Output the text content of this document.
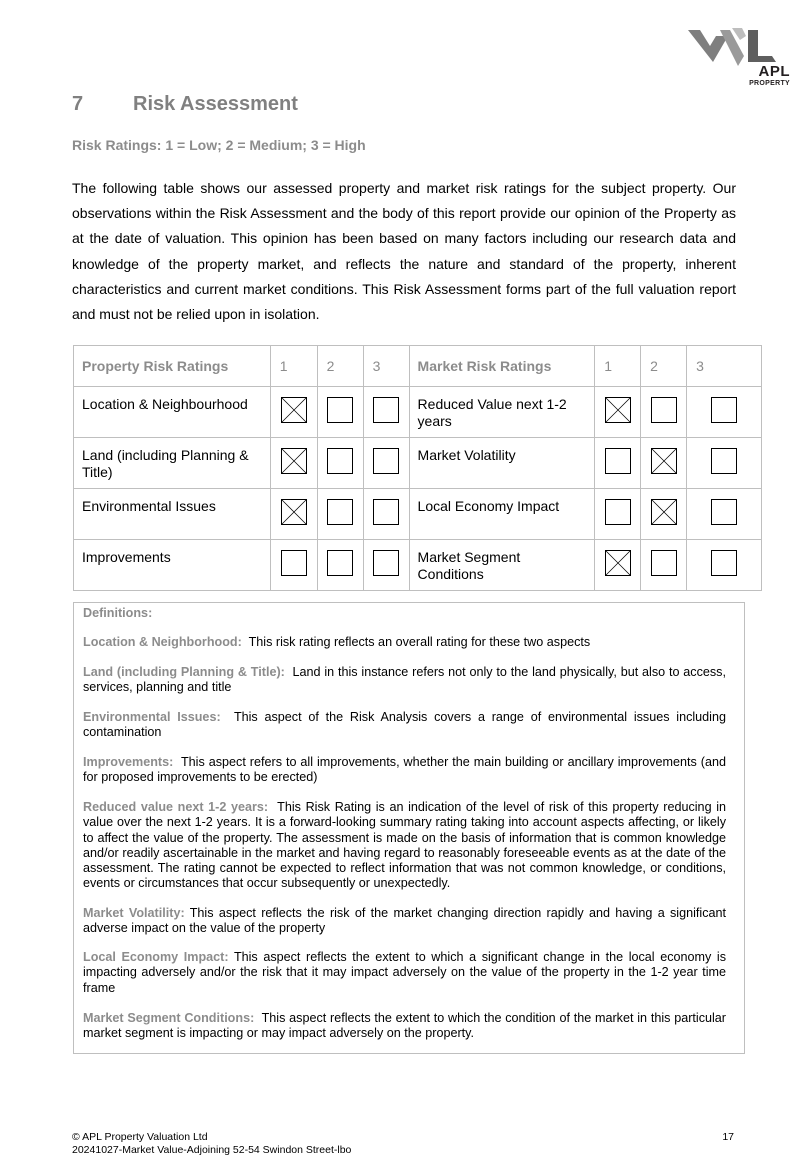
APL
PROPERTY
7 Risk Assessment

Risk Ratings: 1 = Low; 2 = Medium; 3 = High

The following table shows our assessed property and market risk ratings for the subject property. Our observations within the Risk Assessment and the body of this report provide our opinion of the Property as at the date of valuation. This opinion has been based on many factors including our research data and knowledge of the property market, and reflects the nature and standard of the property, inherent characteristics and current market conditions. This Risk Assessment forms part of the full valuation report and must not be relied upon in isolation.

Property Risk Ratings	1	2	3	Market Risk Ratings	1	2	3
Location & Neighbourhood				Reduced Value next 1-2 years	

Land (including Planning & Title)				Market Volatility		

Environmental Issues				Local Economy Impact		

Improvements				Market Segment Conditions	

Definitions:

Location & Neighborhood: This risk rating reflects an overall rating for these two aspects

Land (including Planning & Title): Land in this instance refers not only to the land physically, but also to access, services, planning and title

Environmental Issues: This aspect of the Risk Analysis covers a range of environmental issues including contamination

Improvements: This aspect refers to all improvements, whether the main building or ancillary improvements (and for proposed improvements to be erected)

Reduced value next 1-2 years: This Risk Rating is an indication of the level of risk of this property reducing in value over the next 1-2 years. It is a forward-looking summary rating taking into account aspects affecting, or likely to affect the value of the property. The assessment is made on the basis of information that is common knowledge and/or readily ascertainable in the market and having regard to reasonably foreseeable events as at the date of the assessment. The rating cannot be expected to reflect information that was not common knowledge, or conditions, events or circumstances that occur subsequently or unexpectedly.

Market Volatility: This aspect reflects the risk of the market changing direction rapidly and having a significant adverse impact on the value of the property

Local Economy Impact: This aspect reflects the extent to which a significant change in the local economy is impacting adversely and/or the risk that it may impact adversely on the value of the property in the 1-2 year time frame

Market Segment Conditions: This aspect reflects the extent to which the condition of the market in this particular market segment is impacting or may impact adversely on the property.

© APL Property Valuation Ltd
20241027-Market Value-Adjoining 52-54 Swindon Street-lbo
17
